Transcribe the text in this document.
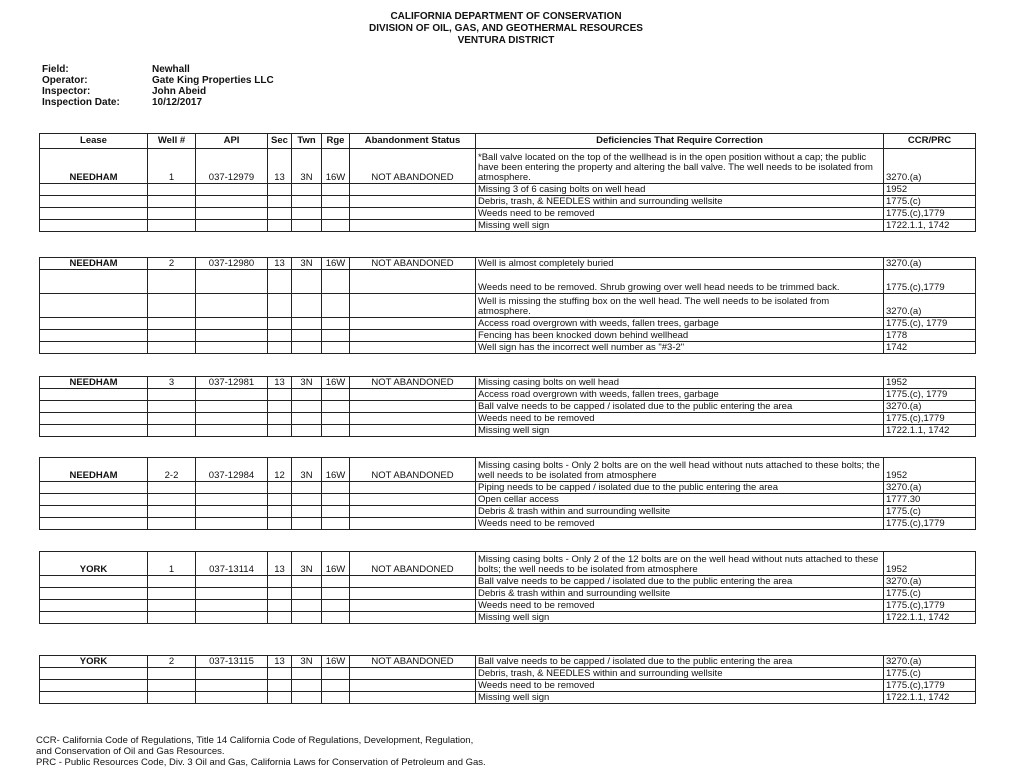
CALIFORNIA DEPARTMENT OF CONSERVATION
DIVISION OF OIL, GAS, AND GEOTHERMAL RESOURCES
VENTURA DISTRICT
Field:	Newhall
Operator:	Gate King Properties LLC
Inspector:	John Abeid
Inspection Date:	10/12/2017
Lease	Well #	API	Sec	Twn	Rge	Abandonment Status	Deficiencies That Require Correction	CCR/PRC
NEEDHAM	1	037-12979	13	3N	16W	NOT ABANDONED	*Ball valve located on the top of the wellhead is in the open position without a cap; the public have been entering the property and altering the ball valve. The well needs to be isolated from atmosphere.	3270.(a)
							Missing 3 of 6 casing bolts on well head	1952
							Debris, trash, & NEEDLES within and surrounding wellsite	1775.(c)
							Weeds need to be removed	1775.(c),1779
							Missing well sign	1722.1.1, 1742
NEEDHAM	2	037-12980	13	3N	16W	NOT ABANDONED	Well is almost completely buried	3270.(a)
							Weeds need to be removed. Shrub growing over well head needs to be trimmed back.	1775.(c),1779
							Well is missing the stuffing box on the well head. The well needs to be isolated from atmosphere.	3270.(a)
							Access road overgrown with weeds, fallen trees, garbage	1775.(c), 1779
							Fencing has been knocked down behind wellhead	1778
							Well sign has the incorrect well number as "#3-2"	1742
NEEDHAM	3	037-12981	13	3N	16W	NOT ABANDONED	Missing casing bolts on well head	1952
							Access road overgrown with weeds, fallen trees, garbage	1775.(c), 1779
							Ball valve needs to be capped / isolated due to the public entering the area	3270.(a)
							Weeds need to be removed	1775.(c),1779
							Missing well sign	1722.1.1, 1742
NEEDHAM	2-2	037-12984	12	3N	16W	NOT ABANDONED	Missing casing bolts - Only 2 bolts are on the well head without nuts attached to these bolts; the well needs to be isolated from atmosphere	1952
							Piping needs to be capped / isolated due to the public entering the area	3270.(a)
							Open cellar access	1777.30
							Debris & trash within and surrounding wellsite	1775.(c)
							Weeds need to be removed	1775.(c),1779
YORK	1	037-13114	13	3N	16W	NOT ABANDONED	Missing casing bolts - Only 2 of the 12 bolts are on the well head without nuts attached to these bolts; the well needs to be isolated from atmosphere	1952
							Ball valve needs to be capped / isolated due to the public entering the area	3270.(a)
							Debris & trash within and surrounding wellsite	1775.(c)
							Weeds need to be removed	1775.(c),1779
							Missing well sign	1722.1.1, 1742
YORK	2	037-13115	13	3N	16W	NOT ABANDONED	Ball valve needs to be capped / isolated due to the public entering the area	3270.(a)
							Debris, trash, & NEEDLES within and surrounding wellsite	1775.(c)
							Weeds need to be removed	1775.(c),1779
							Missing well sign	1722.1.1, 1742
CCR- California Code of Regulations, Title 14 California Code of Regulations, Development, Regulation,
and Conservation of Oil and Gas Resources.
PRC - Public Resources Code, Div. 3 Oil and Gas, California Laws for Conservation of Petroleum and Gas.
